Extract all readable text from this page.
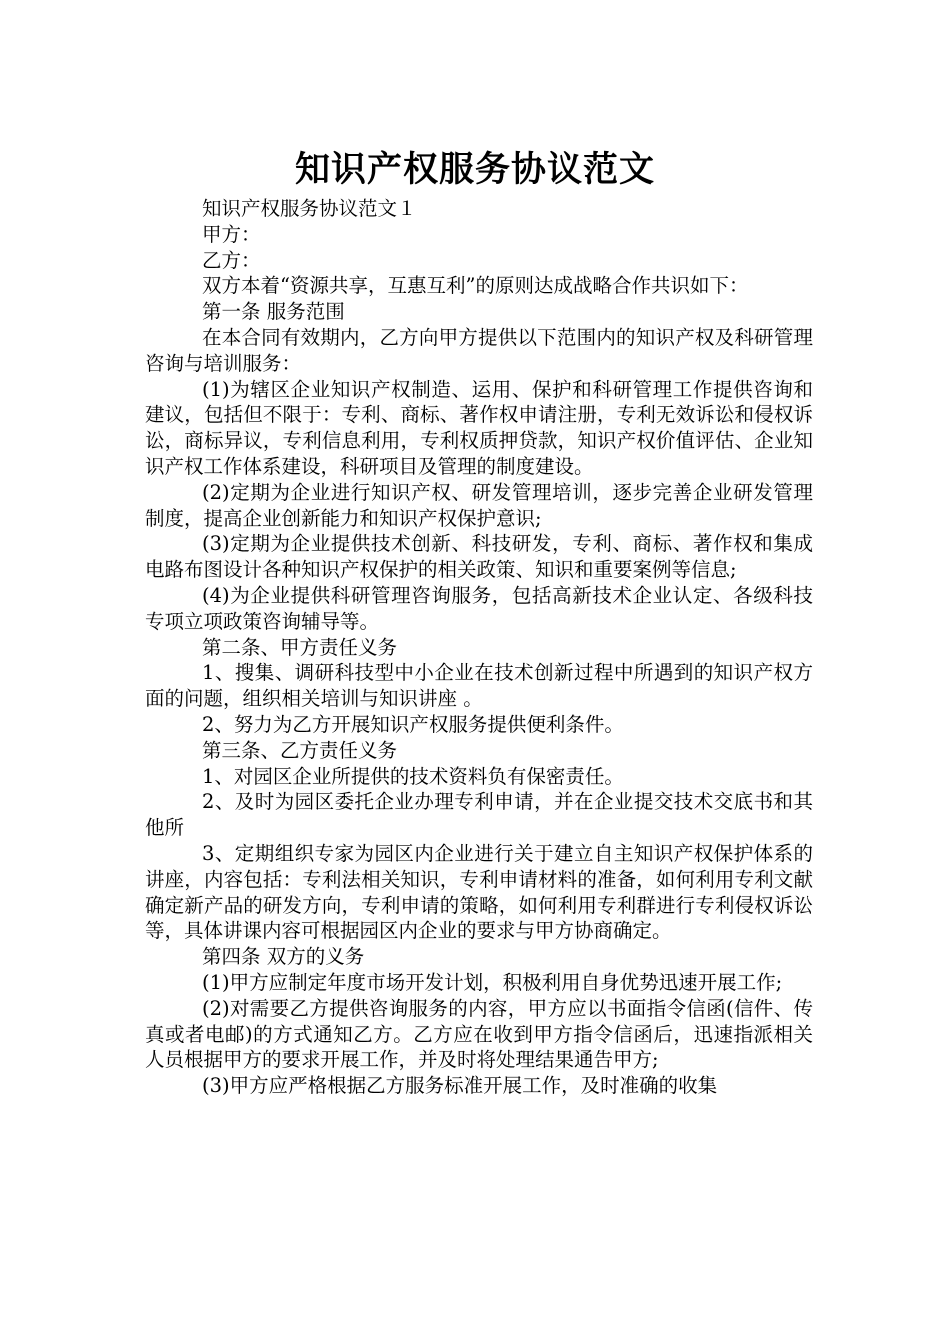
知识产权服务协议范文

知识产权服务协议范文１

甲方：

乙方：

双方本着“资源共享，互惠互利”的原则达成战略合作共识如下：

第一条 服务范围

在本合同有效期内，乙方向甲方提供以下范围内的知识产权及科研管理咨询与培训服务：

(1)为辖区企业知识产权制造、运用、保护和科研管理工作提供咨询和建议，包括但不限于：专利、商标、著作权申请注册，专利无效诉讼和侵权诉讼，商标异议，专利信息利用，专利权质押贷款，知识产权价值评估、企业知识产权工作体系建设，科研项目及管理的制度建设。

(2)定期为企业进行知识产权、研发管理培训，逐步完善企业研发管理制度，提高企业创新能力和知识产权保护意识;

(3)定期为企业提供技术创新、科技研发，专利、商标、著作权和集成电路布图设计各种知识产权保护的相关政策、知识和重要案例等信息;

(4)为企业提供科研管理咨询服务，包括高新技术企业认定、各级科技专项立项政策咨询辅导等。

第二条、甲方责任义务

1、搜集、调研科技型中小企业在技术创新过程中所遇到的知识产权方面的问题，组织相关培训与知识讲座 。

2、努力为乙方开展知识产权服务提供便利条件。

第三条、乙方责任义务

1、对园区企业所提供的技术资料负有保密责任。

2、及时为园区委托企业办理专利申请，并在企业提交技术交底书和其他所

3、定期组织专家为园区内企业进行关于建立自主知识产权保护体系的讲座，内容包括：专利法相关知识，专利申请材料的准备，如何利用专利文献确定新产品的研发方向，专利申请的策略，如何利用专利群进行专利侵权诉讼等，具体讲课内容可根据园区内企业的要求与甲方协商确定。

第四条 双方的义务

(1)甲方应制定年度市场开发计划，积极利用自身优势迅速开展工作;

(2)对需要乙方提供咨询服务的内容，甲方应以书面指令信函(信件、传真或者电邮)的方式通知乙方。乙方应在收到甲方指令信函后，迅速指派相关人员根据甲方的要求开展工作，并及时将处理结果通告甲方;

(3)甲方应严格根据乙方服务标准开展工作，及时准确的收集
